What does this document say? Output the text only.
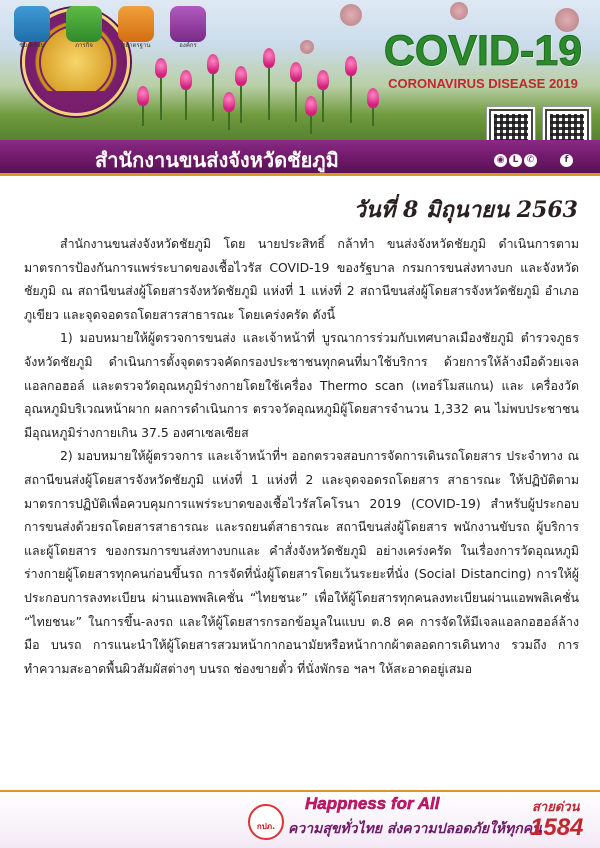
COVID-19
CORONAVIRUS DISEASE 2019
สำนักงานขนส่งจังหวัดชัยภูมิ	◉ L ✆	f
วันที่ 8 มิถุนายน 2563

สำนักงานขนส่งจังหวัดชัยภูมิ โดย นายประสิทธิ์ กล้าทำ ขนส่งจังหวัดชัยภูมิ ดำเนินการตามมาตรการป้องกันการแพร่ระบาดของเชื้อไวรัส COVID-19 ของรัฐบาล กรมการขนส่งทางบก และจังหวัดชัยภูมิ ณ สถานีขนส่งผู้โดยสารจังหวัดชัยภูมิ แห่งที่ 1 แห่งที่ 2 สถานีขนส่งผู้โดยสารจังหวัดชัยภูมิ อำเภอภูเขียว และจุดจอดรถโดยสารสาธารณะ โดยเคร่งครัด ดังนี้

1) มอบหมายให้ผู้ตรวจการขนส่ง และเจ้าหน้าที่ บูรณาการร่วมกับเทศบาลเมืองชัยภูมิ ตำรวจภูธรจังหวัดชัยภูมิ ดำเนินการตั้งจุดตรวจคัดกรองประชาชนทุกคนที่มาใช้บริการ ด้วยการให้ล้างมือด้วยเจลแอลกอฮอล์ และตรวจวัดอุณหภูมิร่างกายโดยใช้เครื่อง Thermo scan (เทอร์โมสแกน) และ เครื่องวัดอุณหภูมิบริเวณหน้าผาก ผลการดำเนินการ ตรวจวัดอุณหภูมิผู้โดยสารจำนวน 1,332 คน ไม่พบประชาชนมีอุณหภูมิร่างกายเกิน 37.5 องศาเซลเซียส

2) มอบหมายให้ผู้ตรวจการ และเจ้าหน้าที่ฯ ออกตรวจสอบการจัดการเดินรถโดยสาร ประจำทาง ณ สถานีขนส่งผู้โดยสารจังหวัดชัยภูมิ แห่งที่ 1 แห่งที่ 2 และจุดจอดรถโดยสาร สาธารณะ ให้ปฏิบัติตามมาตรการปฏิบัติเพื่อควบคุมการแพร่ระบาดของเชื้อไวรัสโคโรนา 2019 (COVID-19) สำหรับผู้ประกอบการขนส่งด้วยรถโดยสารสาธารณะ และรถยนต์สาธารณะ สถานีขนส่งผู้โดยสาร พนักงานขับรถ ผู้บริการ และผู้โดยสาร ของกรมการขนส่งทางบกและ คำสั่งจังหวัดชัยภูมิ อย่างเคร่งครัด ในเรื่องการวัดอุณหภูมิร่างกายผู้โดยสารทุกคนก่อนขึ้นรถ การจัดที่นั่งผู้โดยสารโดยเว้นระยะที่นั่ง (Social Distancing) การให้ผู้ประกอบการลงทะเบียน ผ่านแอพพลิเคชั่น “ไทยชนะ” เพื่อให้ผู้โดยสารทุกคนลงทะเบียนผ่านแอพพลิเคชั่น “ไทยชนะ” ในการขึ้น-ลงรถ และให้ผู้โดยสารกรอกข้อมูลในแบบ ต.8 คค การจัดให้มีเจลแอลกอฮอล์ล้างมือ บนรถ การแนะนำให้ผู้โดยสารสวมหน้ากากอนามัยหรือหน้ากากผ้าตลอดการเดินทาง รวมถึง การทำความสะอาดพื้นผิวสัมผัสต่างๆ บนรถ ช่องขายตั๋ว ที่นั่งพักรอ ฯลฯ ให้สะอาดอยู่เสมอ

ขับเคลื่อน	ภารกิจ	สู่มาตรฐาน	องค์กร
กปภ.
Happness for All
ความสุขทั่วไทย ส่งความปลอดภัยให้ทุกคน
สายด่วน
1584
